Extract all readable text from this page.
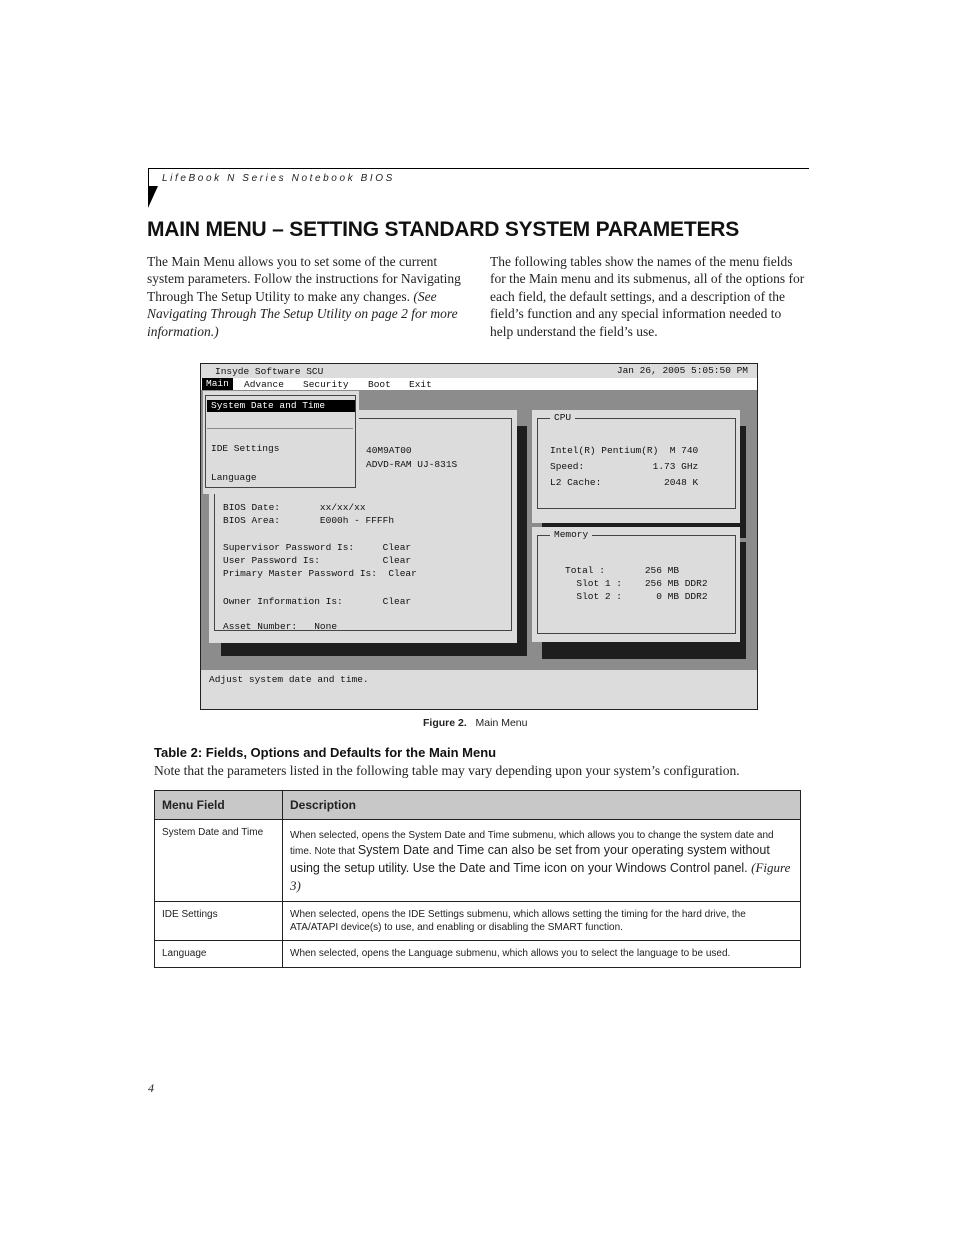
LifeBook N Series Notebook BIOS
MAIN MENU – SETTING STANDARD SYSTEM PARAMETERS
The Main Menu allows you to set some of the current system parameters. Follow the instructions for Navigating Through The Setup Utility to make any changes. (See Navigating Through The Setup Utility on page 2 for more information.)
The following tables show the names of the menu fields for the Main menu and its submenus, all of the options for each field, the default settings, and a description of the field’s function and any special information needed to help understand the field’s use.
Insyde Software SCU	Jan 26, 2005 5:05:50 PM
Main	Advance Security Boot Exit
40M9AT00
ADVD-RAM UJ-831S
BIOS Date:       xx/xx/xx
BIOS Area:       E000h - FFFFh
Supervisor Password Is:     Clear
User Password Is:           Clear
Primary Master Password Is:  Clear
Owner Information Is:       Clear
Asset Number:   None
CPU
Intel(R) Pentium(R)  M 740
Speed:            1.73 GHz
L2 Cache:           2048 K
Memory
Total :       256 MB
Slot 1 :    256 MB DDR2
Slot 2 :      0 MB DDR2
System Date and Time
IDE Settings
Language
Adjust system date and time.
Figure 2. Main Menu
Table 2: Fields, Options and Defaults for the Main Menu
Note that the parameters listed in the following table may vary depending upon your system’s configuration.
Menu Field	Description
System Date and Time	When selected, opens the System Date and Time submenu, which allows you to change the system date and time. Note that System Date and Time can also be set from your operating system without using the setup utility. Use the Date and Time icon on your Windows Control panel. (Figure 3)
IDE Settings	When selected, opens the IDE Settings submenu, which allows setting the timing for the hard drive, the ATA/ATAPI device(s) to use, and enabling or disabling the SMART function.
Language	When selected, opens the Language submenu, which allows you to select the language to be used.
4
